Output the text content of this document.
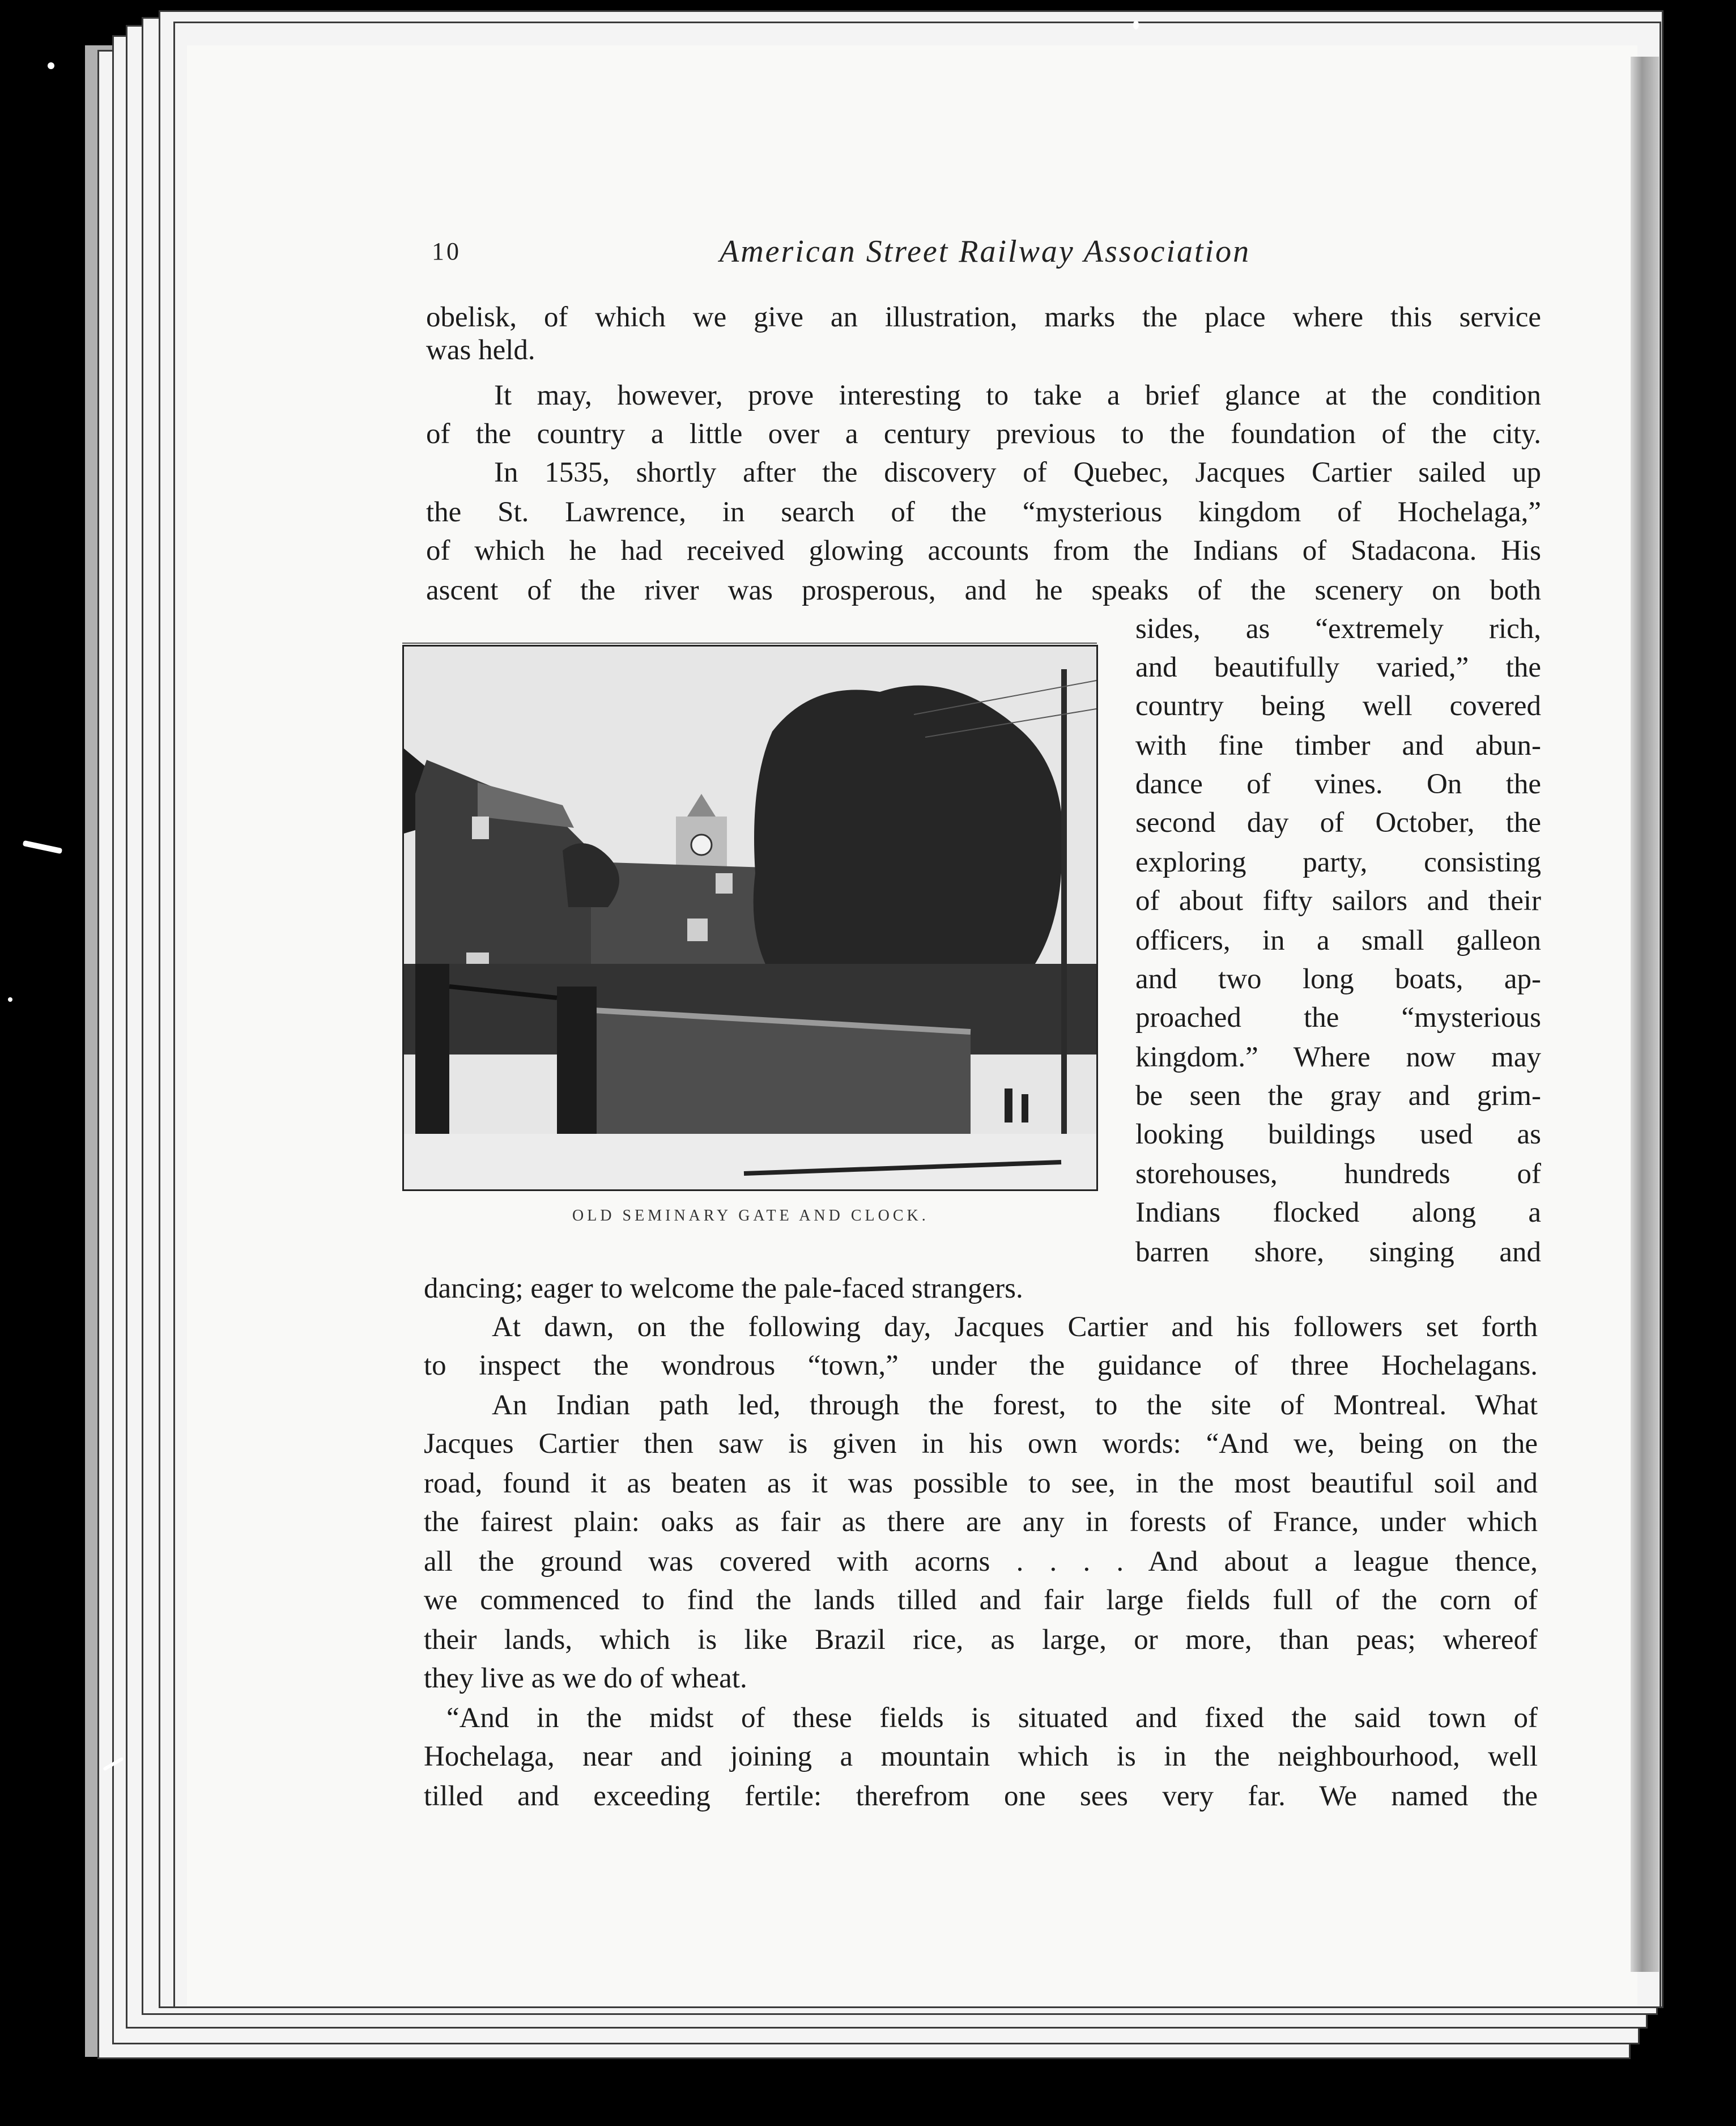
10	American Street Railway Association

obelisk, of which we give an illustration, marks the place where this service

was held.

It may, however, prove interesting to take a brief glance at the condition

of the country a little over a century previous to the foundation of the city.

In 1535, shortly after the discovery of Quebec, Jacques Cartier sailed up

the St. Lawrence, in search of the “mysterious kingdom of Hochelaga,”

of which he had received glowing accounts from the Indians of Stadacona. His

ascent of the river was prosperous, and he speaks of the scenery on both

OLD SEMINARY GATE AND CLOCK.

sides, as “extremely rich,

and beautifully varied,” the

country being well covered

with fine timber and abun-

dance of vines. On the

second day of October, the

exploring party, consisting

of about fifty sailors and their

officers, in a small galleon

and two long boats, ap-

proached the “mysterious

kingdom.” Where now may

be seen the gray and grim-

looking buildings used as

storehouses, hundreds of

Indians flocked along a

barren shore, singing and

dancing; eager to welcome the pale-faced strangers.

At dawn, on the following day, Jacques Cartier and his followers set forth

to inspect the wondrous “town,” under the guidance of three Hochelagans.

An Indian path led, through the forest, to the site of Montreal. What

Jacques Cartier then saw is given in his own words: “And we, being on the

road, found it as beaten as it was possible to see, in the most beautiful soil and

the fairest plain: oaks as fair as there are any in forests of France, under which

all the ground was covered with acorns . . . . And about a league thence,

we commenced to find the lands tilled and fair large fields full of the corn of

their lands, which is like Brazil rice, as large, or more, than peas; whereof

they live as we do of wheat.

“And in the midst of these fields is situated and fixed the said town of

Hochelaga, near and joining a mountain which is in the neighbourhood, well

tilled and exceeding fertile: therefrom one sees very far. We named the
